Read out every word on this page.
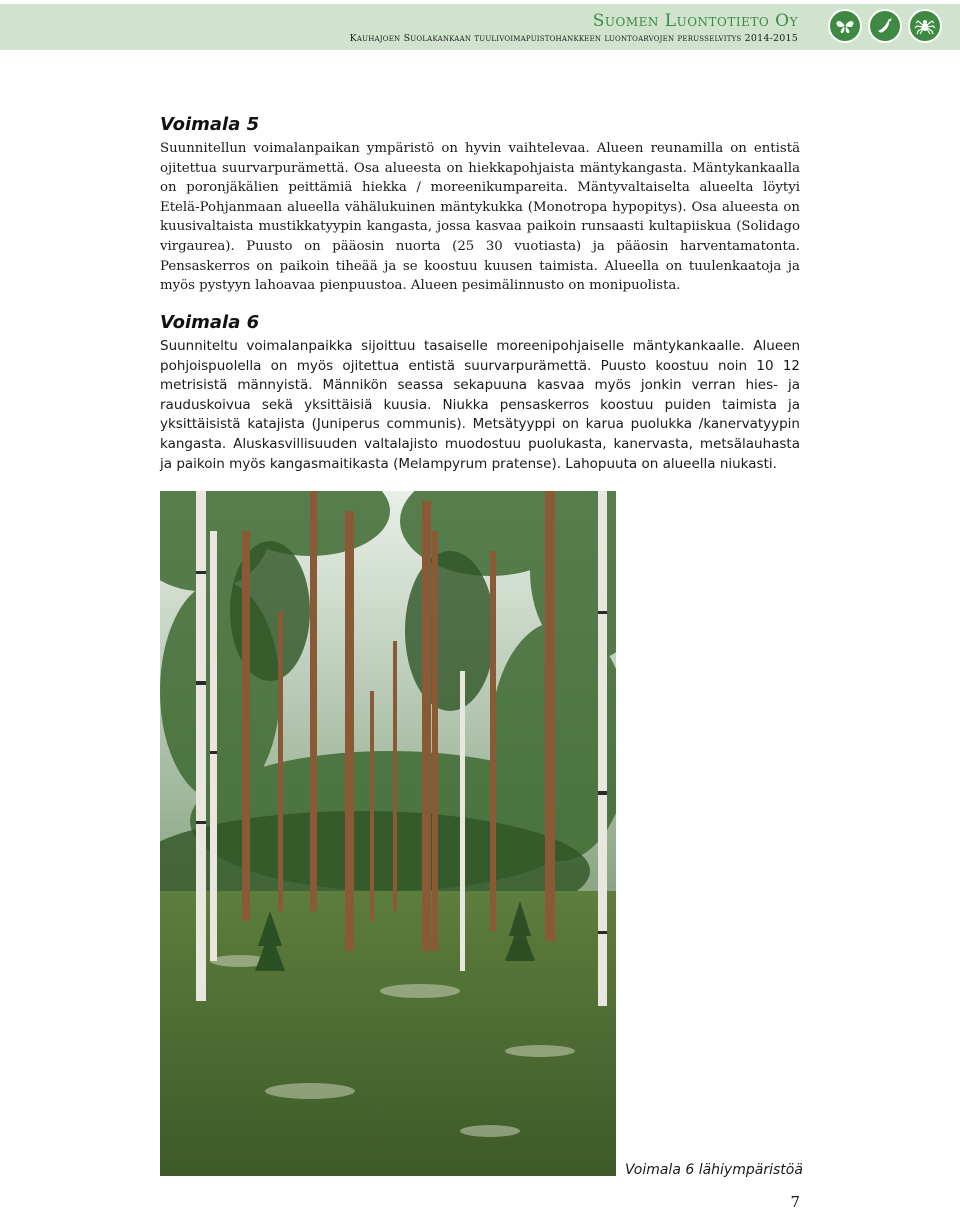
Suomen Luontotieto Oy
Kauhajoen Suolakankaan tuulivoimapuistohankkeen luontoarvojen perusselvitys 2014-2015
Voimala 5

Suunnitellun voimalanpaikan ympäristö on hyvin vaihtelevaa. Alueen reunamilla on entistä ojitettua suurvarpurämettä. Osa alueesta on hiekkapohjaista mäntykangasta. Mäntykankaalla on poronjäkälien peittämiä hiekka / moreenikumpareita. Mäntyvaltaiselta alueelta löytyi Etelä-Pohjanmaan alueella vähälukuinen mäntykukka (Monotropa hypopitys). Osa alueesta on kuusivaltaista mustikkatyypin kangasta, jossa kasvaa paikoin runsaasti kultapiiskua (Solidago virgaurea). Puusto on pääosin nuorta (25 30 vuotiasta) ja pääosin harventamatonta. Pensaskerros on paikoin tiheää ja se koostuu kuusen taimista. Alueella on tuulenkaatoja ja myös pystyyn lahoavaa pienpuustoa. Alueen pesimälinnusto on monipuolista.

Voimala 6

Suunniteltu voimalanpaikka sijoittuu tasaiselle moreenipohjaiselle mäntykankaalle. Alueen pohjoispuolella on myös ojitettua entistä suurvarpurämettä. Puusto koostuu noin 10 12 metrisistä männyistä. Männikön seassa sekapuuna kasvaa myös jonkin verran hies- ja rauduskoivua sekä yksittäisiä kuusia. Niukka pensaskerros koostuu puiden taimista ja yksittäisistä katajista (Juniperus communis). Metsätyyppi on karua puolukka /kanervatyypin kangasta. Aluskasvillisuuden valtalajisto muodostuu puolukasta, kanervasta, metsälauhasta ja paikoin myös kangasmaitikasta (Melampyrum pratense). Lahopuuta on alueella niukasti.

Voimala 6 lähiympäristöä
7
